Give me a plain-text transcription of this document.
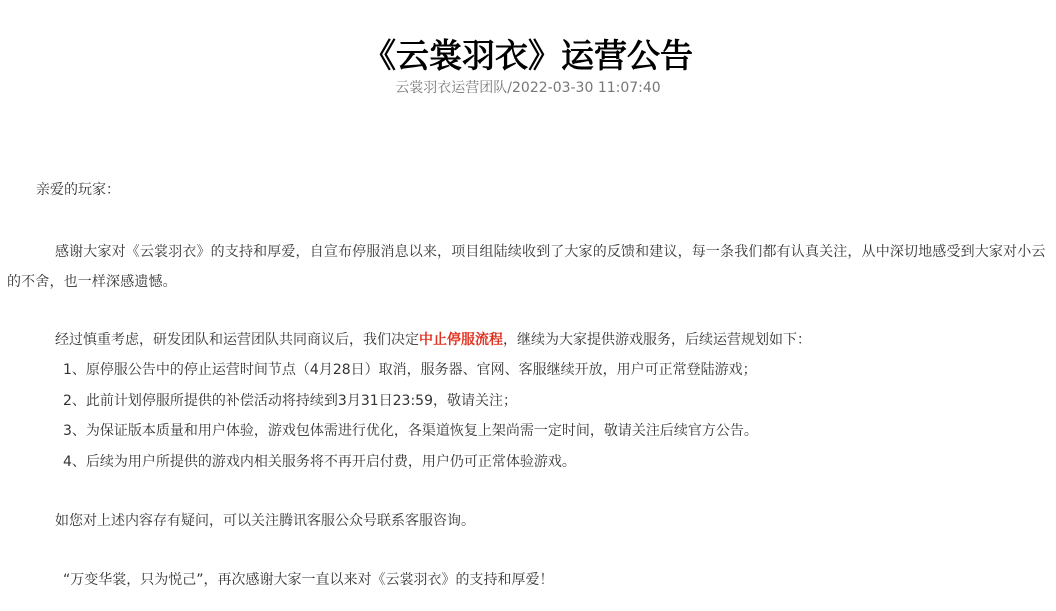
《云裳羽衣》运营公告
云裳羽衣运营团队/2022-03-30 11:07:40
亲爱的玩家：
感谢大家对《云裳羽衣》的支持和厚爱，自宣布停服消息以来，项目组陆续收到了大家的反馈和建议，每一条我们都有认真关注，从中深切地感受到大家对小云的不舍，也一样深感遗憾。
经过慎重考虑，研发团队和运营团队共同商议后，我们决定中止停服流程，继续为大家提供游戏服务，后续运营规划如下：
1、原停服公告中的停止运营时间节点（4月28日）取消，服务器、官网、客服继续开放，用户可正常登陆游戏；
2、此前计划停服所提供的补偿活动将持续到3月31日23:59，敬请关注；
3、为保证版本质量和用户体验，游戏包体需进行优化，各渠道恢复上架尚需一定时间，敬请关注后续官方公告。
4、后续为用户所提供的游戏内相关服务将不再开启付费，用户仍可正常体验游戏。
如您对上述内容存有疑问，可以关注腾讯客服公众号联系客服咨询。
“万变华裳，只为悦己”，再次感谢大家一直以来对《云裳羽衣》的支持和厚爱！
